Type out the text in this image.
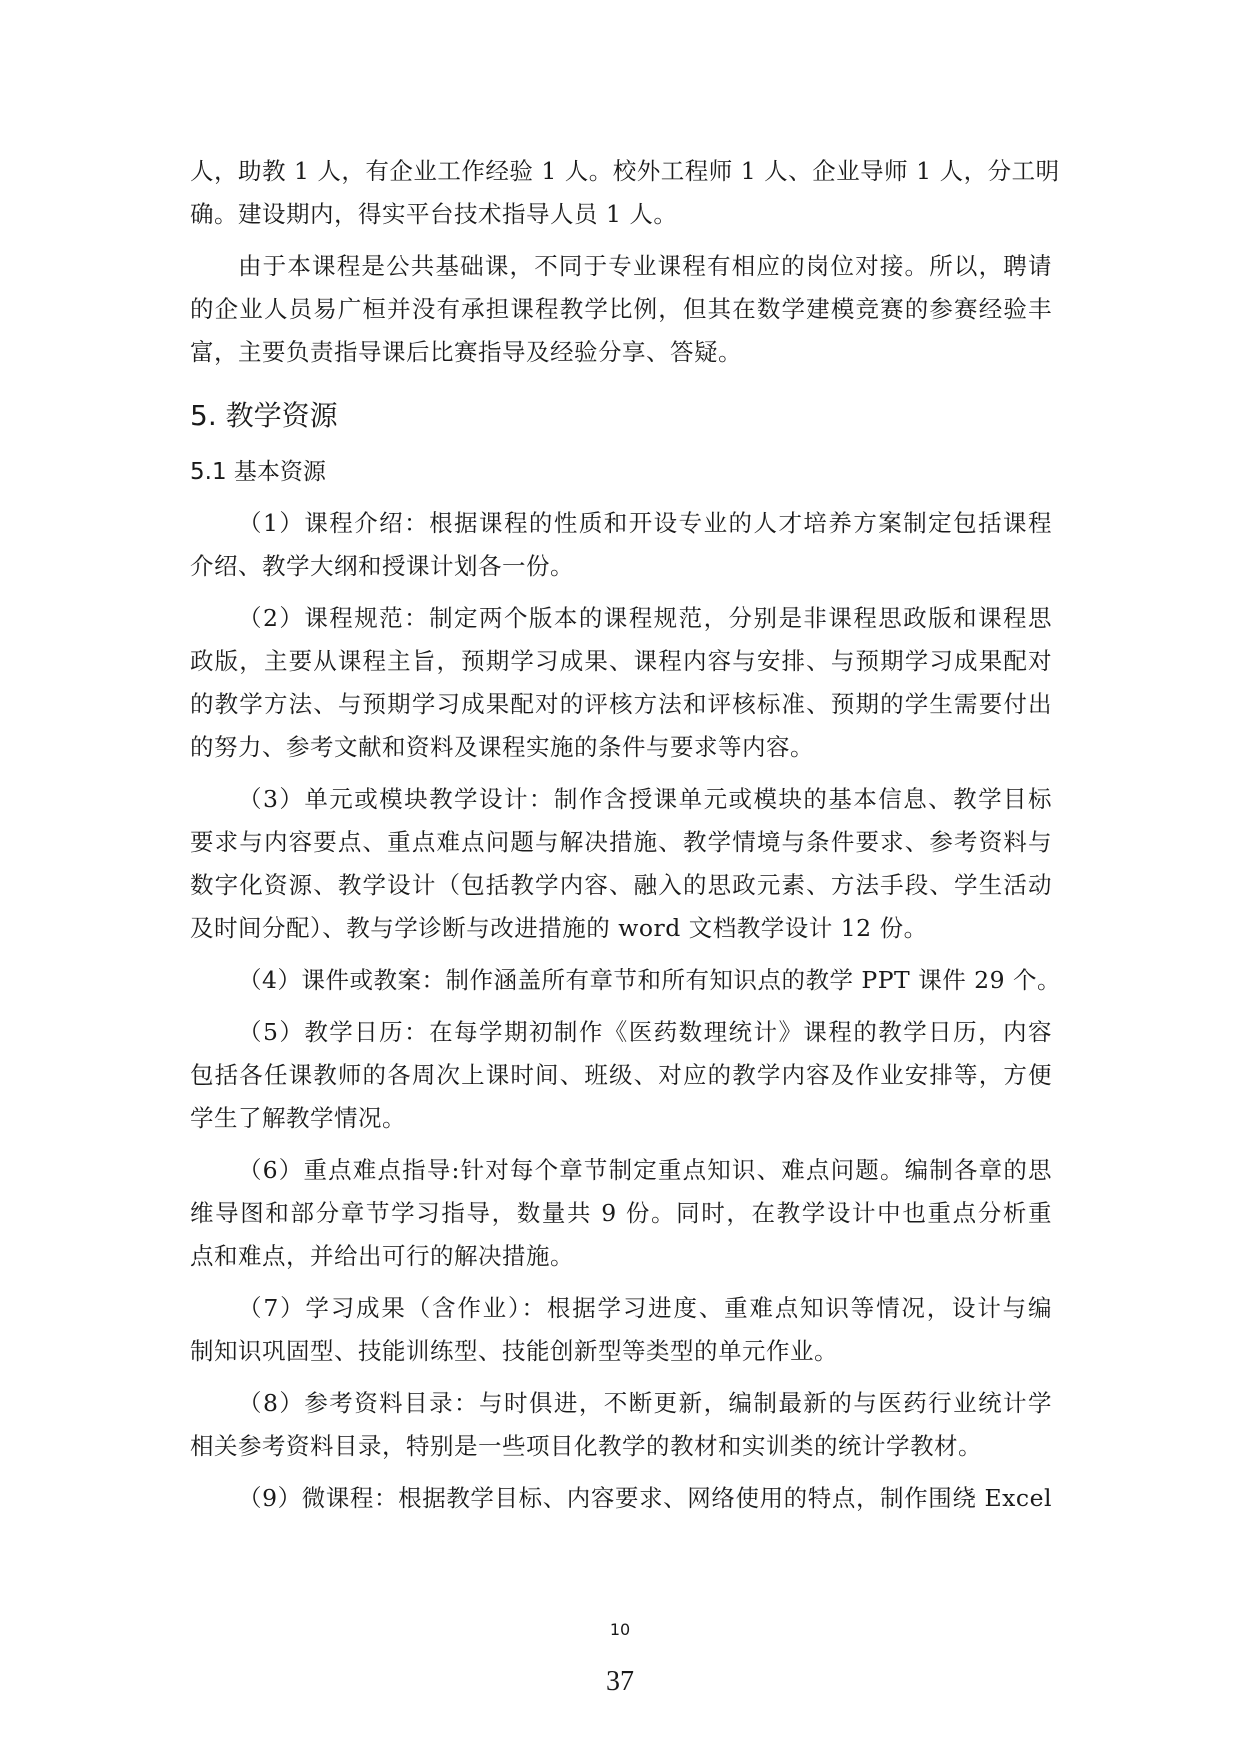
人，助教 1 人，有企业工作经验 1 人。校外工程师 1 人、企业导师 1 人，分工明
确。建设期内，得实平台技术指导人员 1 人。

由于本课程是公共基础课，不同于专业课程有相应的岗位对接。所以，聘请
的企业人员易广桓并没有承担课程教学比例，但其在数学建模竞赛的参赛经验丰
富，主要负责指导课后比赛指导及经验分享、答疑。

5. 教学资源
5.1 基本资源

（1）课程介绍：根据课程的性质和开设专业的人才培养方案制定包括课程
介绍、教学大纲和授课计划各一份。

（2）课程规范：制定两个版本的课程规范，分别是非课程思政版和课程思
政版，主要从课程主旨，预期学习成果、课程内容与安排、与预期学习成果配对
的教学方法、与预期学习成果配对的评核方法和评核标准、预期的学生需要付出
的努力、参考文献和资料及课程实施的条件与要求等内容。

（3）单元或模块教学设计：制作含授课单元或模块的基本信息、教学目标
要求与内容要点、重点难点问题与解决措施、教学情境与条件要求、参考资料与
数字化资源、教学设计（包括教学内容、融入的思政元素、方法手段、学生活动
及时间分配）、教与学诊断与改进措施的 word 文档教学设计 12 份。

（4）课件或教案：制作涵盖所有章节和所有知识点的教学 PPT 课件 29 个。

（5）教学日历：在每学期初制作《医药数理统计》课程的教学日历，内容
包括各任课教师的各周次上课时间、班级、对应的教学内容及作业安排等，方便
学生了解教学情况。

（6）重点难点指导:针对每个章节制定重点知识、难点问题。编制各章的思
维导图和部分章节学习指导，数量共 9 份。同时，在教学设计中也重点分析重
点和难点，并给出可行的解决措施。

（7）学习成果（含作业）：根据学习进度、重难点知识等情况，设计与编
制知识巩固型、技能训练型、技能创新型等类型的单元作业。

（8）参考资料目录：与时俱进，不断更新，编制最新的与医药行业统计学
相关参考资料目录，特别是一些项目化教学的教材和实训类的统计学教材。

（9）微课程：根据教学目标、内容要求、网络使用的特点，制作围绕 Excel

10
37
